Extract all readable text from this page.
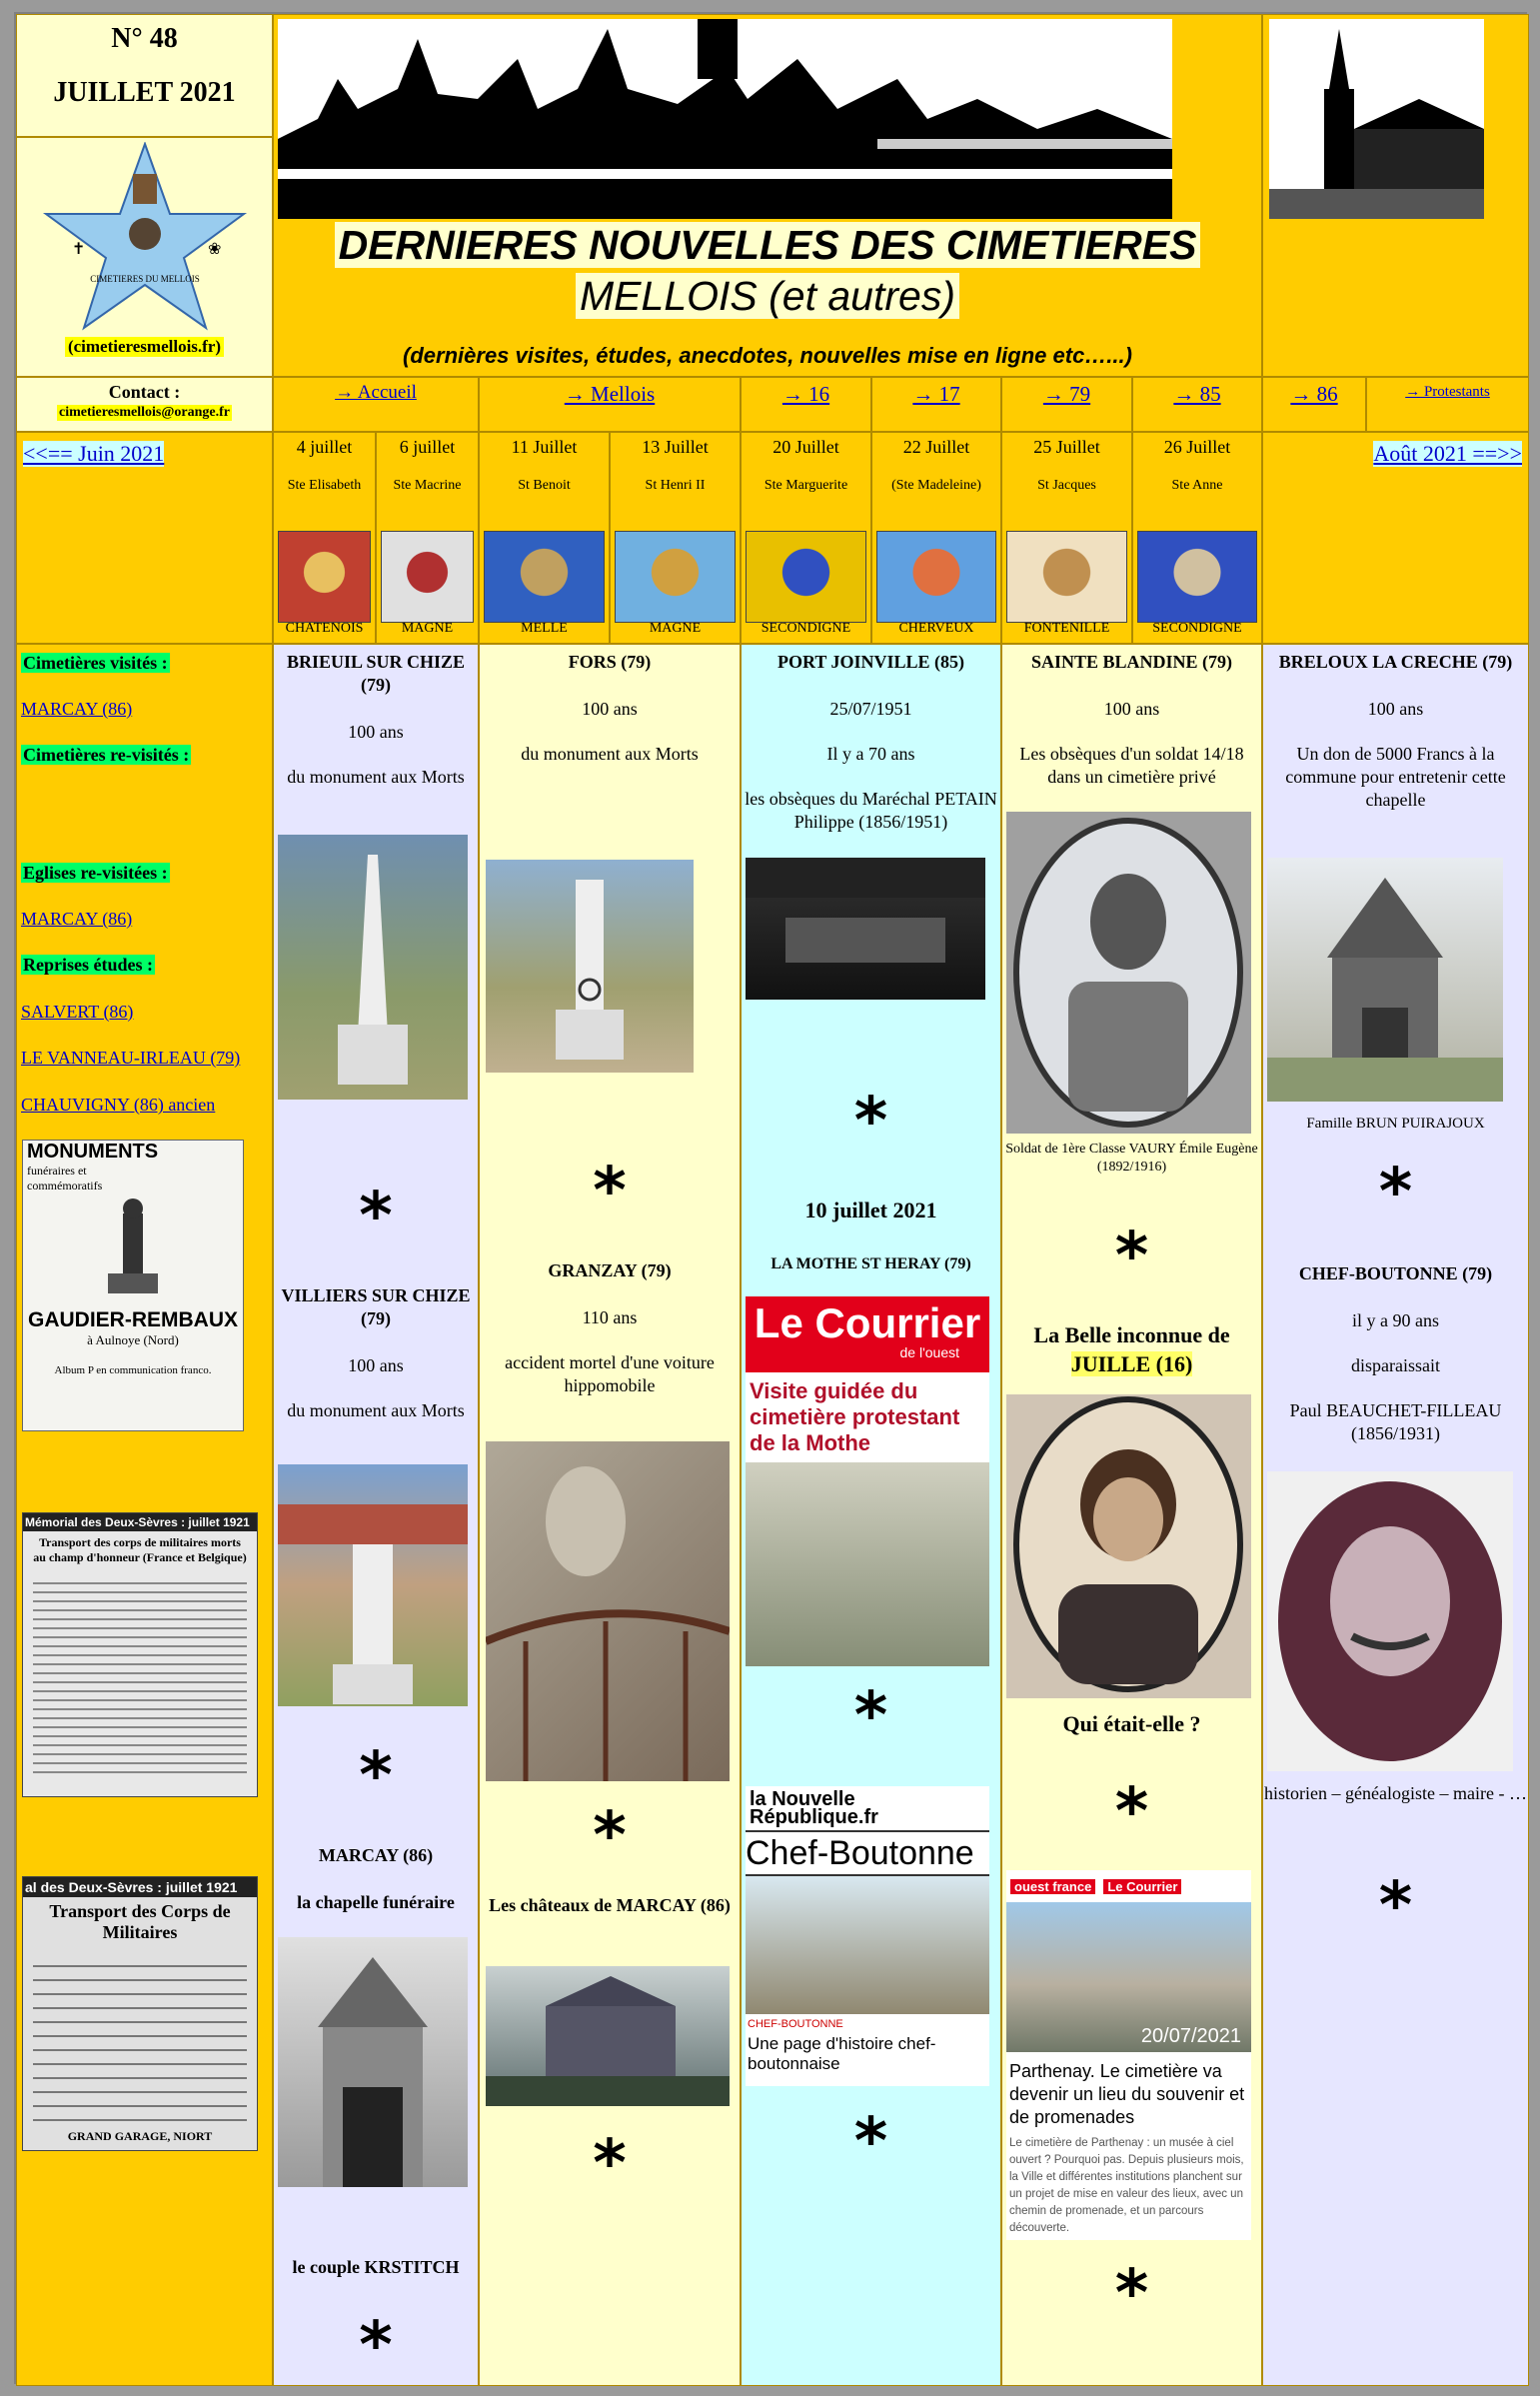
N° 48
JUILLET 2021
CIMETIERES DU MELLOIS
✝	❀
(cimetieresmellois.fr)
DERNIERES NOUVELLES DES CIMETIERES
MELLOIS (et autres)
(dernières visites, études, anecdotes, nouvelles mise en ligne etc…...)
Contact :
cimetieresmellois@orange.fr
→ Accueil	→ Mellois	→ 16	→ 17	→ 79	→ 85	→ 86	→ Protestants
<<== Juin 2021	Août 2021 ==>>
4 juillet
Ste Elisabeth
CHATENOIS
6 juillet
Ste Macrine
MAGNE
11 Juillet
St Benoit
MELLE
13 Juillet
St Henri II
MAGNE
20 Juillet
Ste Marguerite
SECONDIGNE
22 Juillet
(Ste Madeleine)
CHERVEUX
25 Juillet
St Jacques
FONTENILLE
26 Juillet
Ste Anne
SECONDIGNE
Cimetières visités :
MARCAY (86)
Cimetières re-visités :
Eglises re-visitées :
MARCAY (86)
Reprises études :
SALVERT (86)
LE VANNEAU-IRLEAU (79)
CHAUVIGNY (86) ancien
MONUMENTS
funéraires et commémoratifs
GAUDIER-REMBAUX
à Aulnoye (Nord)
Album P en communication franco.
Mémorial des Deux-Sèvres : juillet 1921
Transport des corps de militaires morts au champ d'honneur (France et Belgique)
al des Deux-Sèvres : juillet 1921
Transport des Corps de Militaires
GRAND GARAGE, NIORT

BRIEUIL SUR CHIZE (79)

100 ans

du monument aux Morts

*

VILLIERS SUR CHIZE (79)

100 ans

du monument aux Morts

*

MARCAY (86)

la chapelle funéraire

le couple KRSTITCH

*

FORS (79)

100 ans

du monument aux Morts

*

GRANZAY (79)

110 ans

accident mortel d'une voiture hippomobile

*

Les châteaux de MARCAY (86)

*

PORT JOINVILLE (85)

25/07/1951

Il y a 70 ans

les obsèques du Maréchal PETAIN Philippe (1856/1951)

*

10 juillet 2021

LA MOTHE ST HERAY (79)

Le Courrier
de l'ouest
Visite guidée du cimetière protestant de la Mothe
*
la Nouvelle
République.fr
Chef-Boutonne
CHEF-BOUTONNE
Une page d'histoire chef-boutonnaise
*

SAINTE BLANDINE (79)

100 ans

Les obsèques d'un soldat 14/18 dans un cimetière privé

Soldat de 1ère Classe VAURY Émile Eugène (1892/1916)

*
La Belle inconnue de
JUILLE (16)

Qui était-elle ?

*
ouest france	Le Courrier
20/07/2021
Parthenay. Le cimetière va devenir un lieu du souvenir et de promenades
Le cimetière de Parthenay : un musée à ciel ouvert ? Pourquoi pas. Depuis plusieurs mois, la Ville et différentes institutions planchent sur un projet de mise en valeur des lieux, avec un chemin de promenade, et un parcours découverte.
*

BRELOUX LA CRECHE (79)

100 ans

Un don de 5000 Francs à la commune pour entretenir cette chapelle

Famille BRUN PUIRAJOUX

*

CHEF-BOUTONNE (79)

il y a 90 ans

disparaissait

Paul BEAUCHET-FILLEAU (1856/1931)

historien – généalogiste – maire - …

*
